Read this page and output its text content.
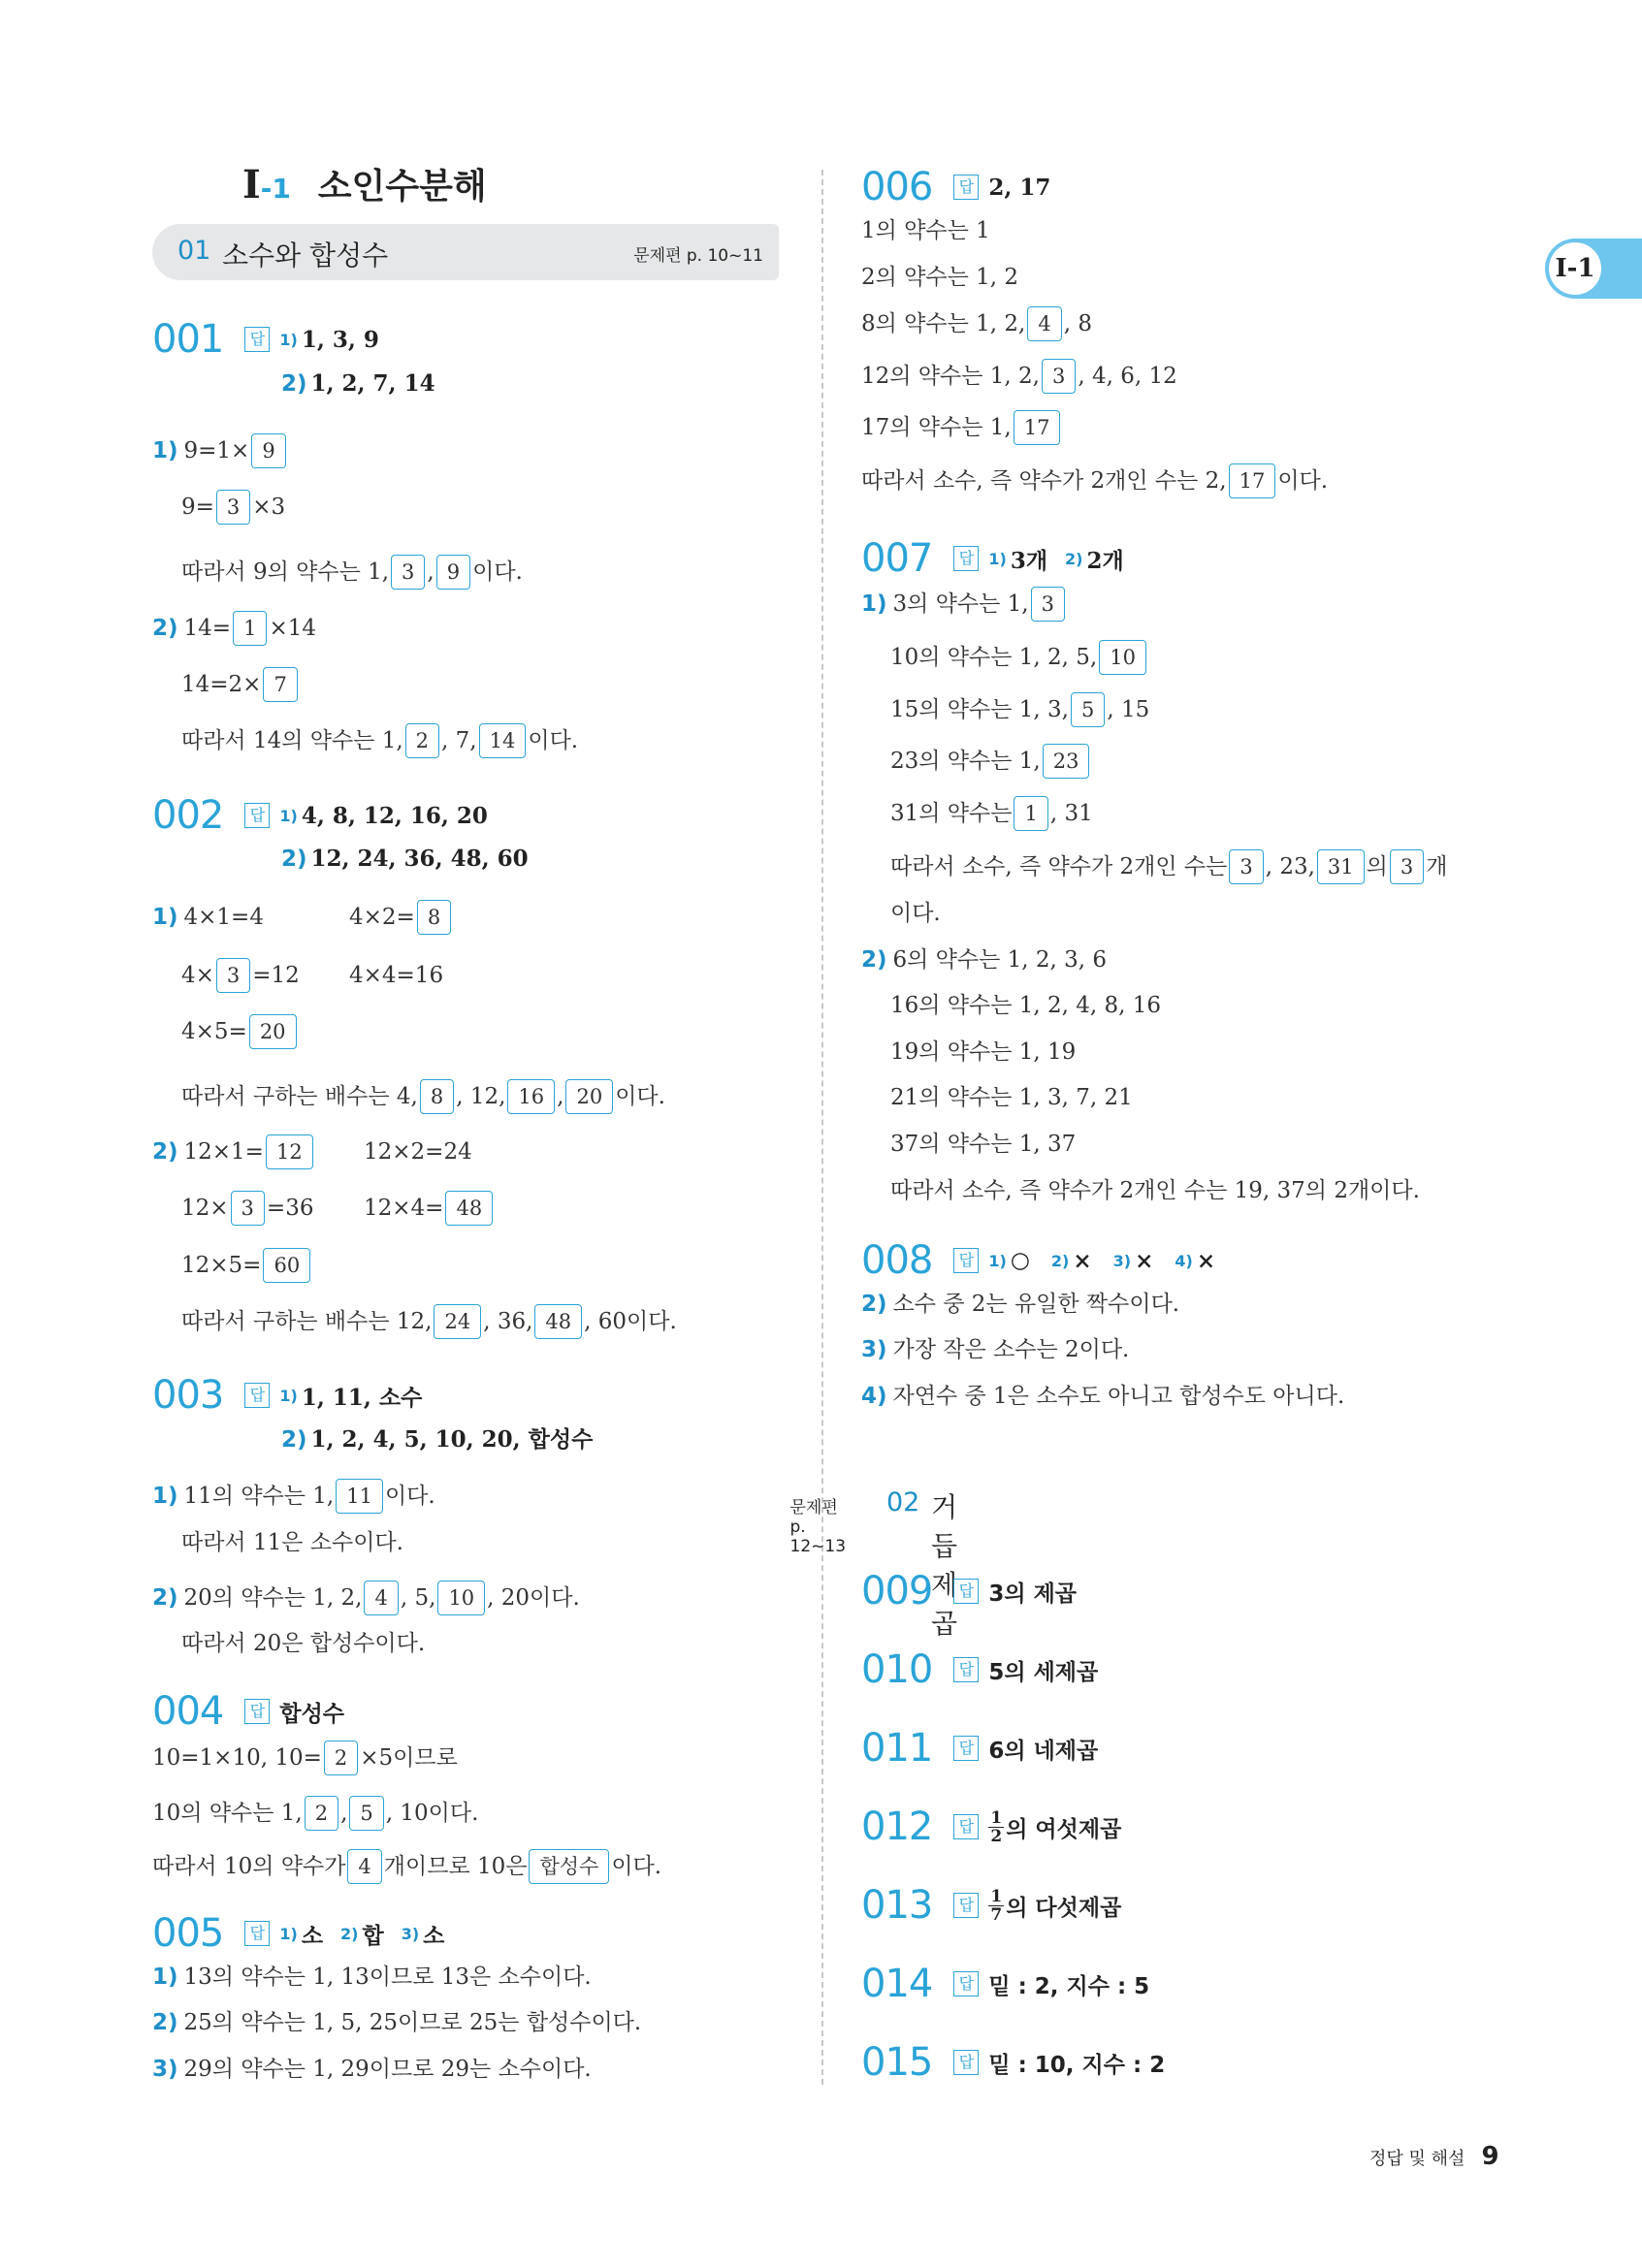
I-1 소인수분해
I-1
01 소수와 합성수	문제편 p. 10~11
001	답 1) 1, 3, 9
2) 1, 2, 7, 14
1) 9=1× 9
9= 3 ×3
따라서 9의 약수는 1, 3 , 9 이다.
2) 14= 1 ×14
14=2× 7
따라서 14의 약수는 1, 2 , 7, 14 이다.
002	답 1) 4, 8, 12, 16, 20
2) 12, 24, 36, 48, 60
1) 4×1=4	4×2= 8
4× 3 =12 4×4=16
4×5= 20
따라서 구하는 배수는 4, 8 , 12, 16 , 20 이다.
2) 12×1= 12	12×2=24
12× 3 =36 12×4= 48
12×5= 60
따라서 구하는 배수는 12, 24 , 36, 48 , 60이다.
003	답 1) 1, 11, 소수
2) 1, 2, 4, 5, 10, 20, 합성수
1) 11의 약수는 1, 11 이다.
따라서 11은 소수이다.
2) 20의 약수는 1, 2, 4 , 5, 10 , 20이다.
따라서 20은 합성수이다.
004	답 합성수
10=1×10, 10= 2 ×5이므로
10의 약수는 1, 2 , 5 , 10이다.
따라서 10의 약수가 4 개이므로 10은 합성수 이다.
005	답 1) 소 2) 합 3) 소
1) 13의 약수는 1, 13이므로 13은 소수이다.
2) 25의 약수는 1, 5, 25이므로 25는 합성수이다.
3) 29의 약수는 1, 29이므로 29는 소수이다.
006	답 2, 17
1의 약수는 1
2의 약수는 1, 2
8의 약수는 1, 2, 4 , 8
12의 약수는 1, 2, 3 , 4, 6, 12
17의 약수는 1, 17
따라서 소수, 즉 약수가 2개인 수는 2, 17 이다.
007	답 1) 3개 2) 2개
1) 3의 약수는 1, 3
10의 약수는 1, 2, 5, 10
15의 약수는 1, 3, 5 , 15
23의 약수는 1, 23
31의 약수는 1 , 31
따라서 소수, 즉 약수가 2개인 수는 3 , 23, 31 의 3 개
이다.
2) 6의 약수는 1, 2, 3, 6
16의 약수는 1, 2, 4, 8, 16
19의 약수는 1, 19
21의 약수는 1, 3, 7, 21
37의 약수는 1, 37
따라서 소수, 즉 약수가 2개인 수는 19, 37의 2개이다.
008	답 1) ○ 2) × 3) × 4) ×
2) 소수 중 2는 유일한 짝수이다.
3) 가장 작은 소수는 2이다.
4) 자연수 중 1은 소수도 아니고 합성수도 아니다.
02 거듭제곱
문제편 p. 12~13
009	답 3의 제곱
010	답 5의 세제곱
011	답 6의 네제곱
012	답 $\frac{1}{2}$ 의 여섯제곱
013	답 $\frac{1}{7}$ 의 다섯제곱
014	답 밑 : 2, 지수 : 5
015	답 밑 : 10, 지수 : 2
정답 및 해설 9
